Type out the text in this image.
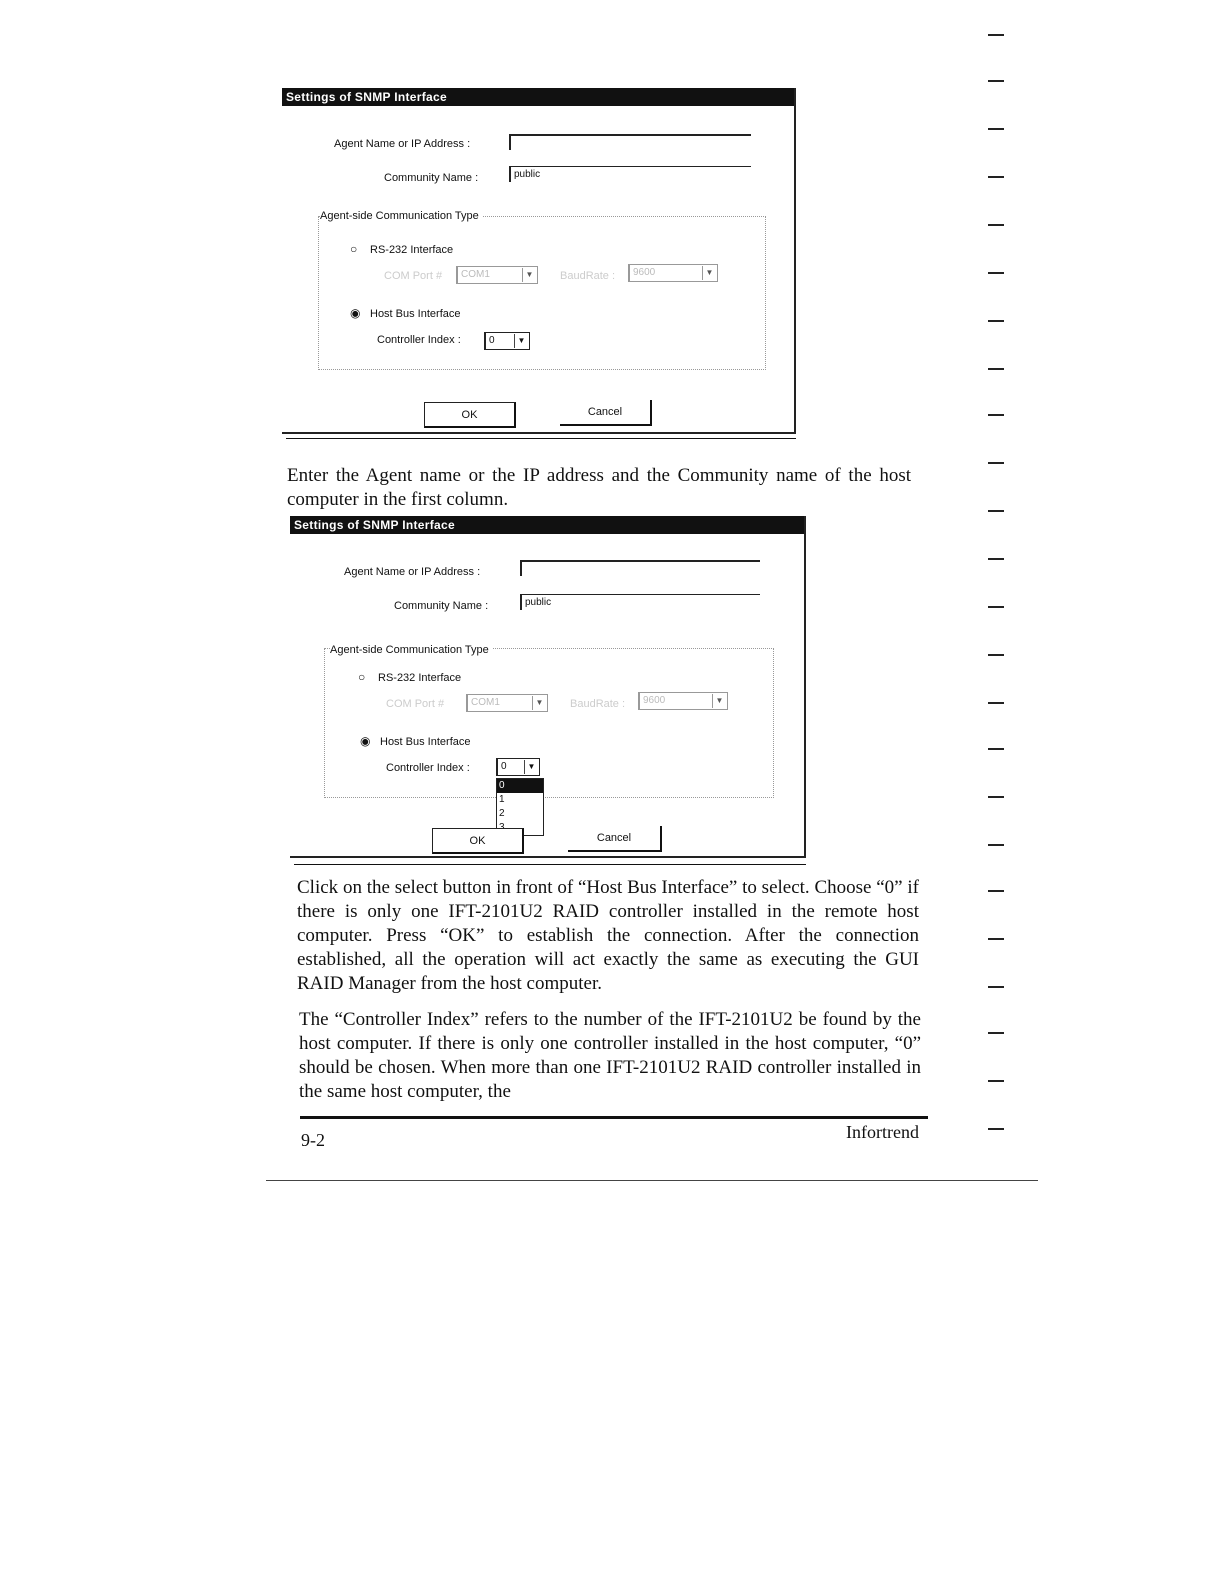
Settings of SNMP Interface
Agent Name or IP Address :
Community Name :	public
Agent-side Communication Type
○ RS-232 Interface
COM Port #	COM1	▼ BaudRate :	9600	▼
◉ Host Bus Interface
Controller Index :	0	▼
OK	Cancel

Enter the Agent name or the IP address and the Community name of the host computer in the first column.

Settings of SNMP Interface
Agent Name or IP Address :
Community Name :	public
Agent-side Communication Type
○ RS-232 Interface
COM Port #	COM1	▼ BaudRate :	9600	▼
◉ Host Bus Interface
Controller Index :	0	▼
0
1
2
OK	Cancel

Click on the select button in front of “Host Bus Interface” to select. Choose “0” if there is only one IFT-2101U2 RAID controller installed in the remote host computer. Press “OK” to establish the connection. After the connection established, all the operation will act exactly the same as executing the GUI RAID Manager from the host computer.

The “Controller Index” refers to the number of the IFT-2101U2 be found by the host computer. If there is only one controller installed in the host computer, “0” should be chosen. When more than one IFT-2101U2 RAID controller installed in the same host computer, the

9-2	Infortrend
